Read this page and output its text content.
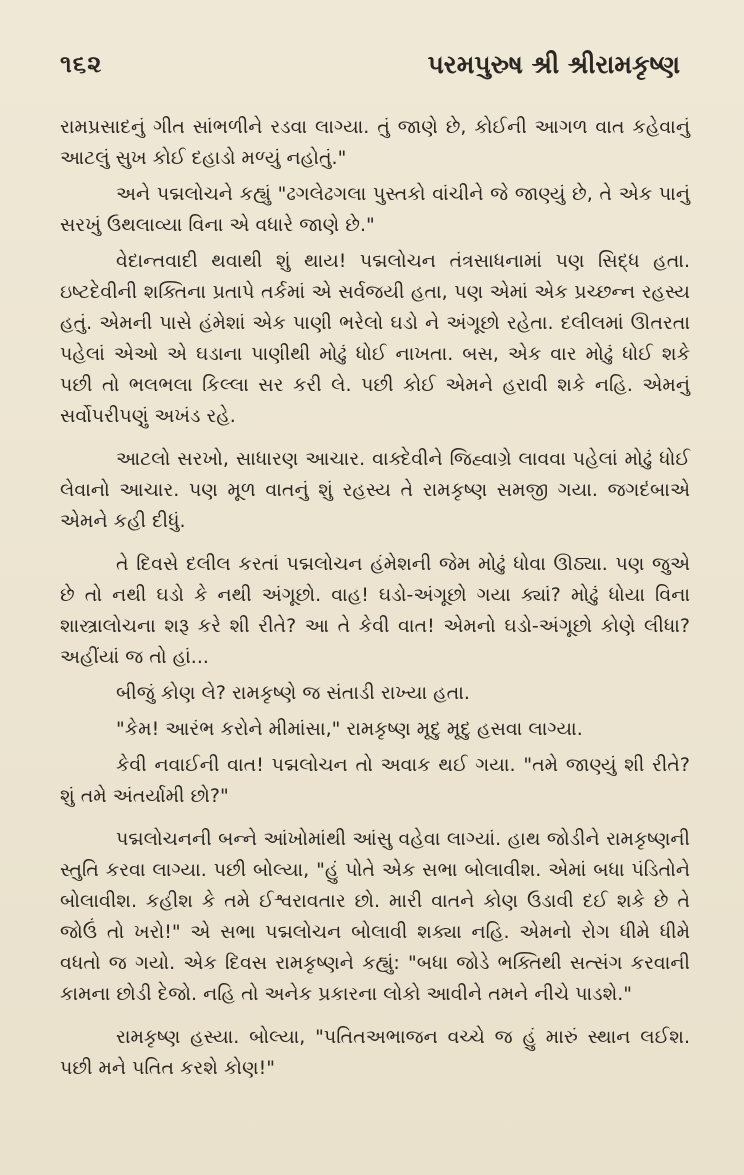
૧૬૨	પરમપુરુષ શ્રી શ્રીરામકૃષ્ણ

રામપ્રસાદનું ગીત સાંભળીને રડવા લાગ્યા. તું જાણે છે, કોઈની આગળ વાત કહેવાનું આટલું સુખ કોઈ દહાડો મળ્યું નહોતું."

અને પદ્મલોચને કહ્યું "ઢગલેઢગલા પુસ્તકો વાંચીને જે જાણ્યું છે, તે એક પાનું સરખું ઉથલાવ્યા વિના એ વધારે જાણે છે."

વેદાન્તવાદી થવાથી શું થાય! પદ્મલોચન તંત્રસાધનામાં પણ સિદ્ધ હતા. ઇષ્ટદેવીની શક્તિના પ્રતાપે તર્કમાં એ સર્વજયી હતા, પણ એમાં એક પ્રચ્છન્ન રહસ્ય હતું. એમની પાસે હંમેશાં એક પાણી ભરેલો ઘડો ને અંગૂછો રહેતા. દલીલમાં ઊતરતા પહેલાં એઓ એ ઘડાના પાણીથી મોઢું ધોઈ નાખતા. બસ, એક વાર મોઢું ધોઈ શકે પછી તો ભલભલા કિલ્લા સર કરી લે. પછી કોઈ એમને હરાવી શકે નહિ. એમનું સર્વોપરીપણું અખંડ રહે.

આટલો સરખો, સાધારણ આચાર. વાક્દેવીને જિહ્વાગ્રે લાવવા પહેલાં મોઢું ધોઈ લેવાનો આચાર. પણ મૂળ વાતનું શું રહસ્ય તે રામકૃષ્ણ સમજી ગયા. જગદંબાએ એમને કહી દીધું.

તે દિવસે દલીલ કરતાં પદ્મલોચન હંમેશની જેમ મોઢું ધોવા ઊઠ્યા. પણ જુએ છે તો નથી ઘડો કે નથી અંગૂછો. વાહ! ઘડો-અંગૂછો ગયા ક્યાં? મોઢું ધોયા વિના શાસ્ત્રાલોચના શરૂ કરે શી રીતે? આ તે કેવી વાત! એમનો ઘડો-અંગૂછો કોણે લીધા? અહીંયાં જ તો હાં...

બીજું કોણ લે? રામકૃષ્ણે જ સંતાડી રાખ્યા હતા.

"કેમ! આરંભ કરોને મીમાંસા," રામકૃષ્ણ મૃદુ મૃદુ હસવા લાગ્યા.

કેવી નવાઈની વાત! પદ્મલોચન તો અવાક થઈ ગયા. "તમે જાણ્યું શી રીતે? શું તમે અંતર્યામી છો?"

પદ્મલોચનની બન્ને આંખોમાંથી આંસુ વહેવા લાગ્યાં. હાથ જોડીને રામકૃષ્ણની સ્તુતિ કરવા લાગ્યા. પછી બોલ્યા, "હું પોતે એક સભા બોલાવીશ. એમાં બધા પંડિતોને બોલાવીશ. કહીશ કે તમે ઈશ્વરાવતાર છો. મારી વાતને કોણ ઉડાવી દઈ શકે છે તે જોઉં તો ખરો!" એ સભા પદ્મલોચન બોલાવી શક્યા નહિ. એમનો રોગ ધીમે ધીમે વધતો જ ગયો. એક દિવસ રામકૃષ્ણને કહ્યું: "બધા જોડે ભક્તિથી સત્સંગ કરવાની કામના છોડી દેજો. નહિ તો અનેક પ્રકારના લોકો આવીને તમને નીચે પાડશે."

રામકૃષ્ણ હસ્યા. બોલ્યા, "પતિતઅભાજન વચ્ચે જ હું મારું સ્થાન લઈશ. પછી મને પતિત કરશે કોણ!"
